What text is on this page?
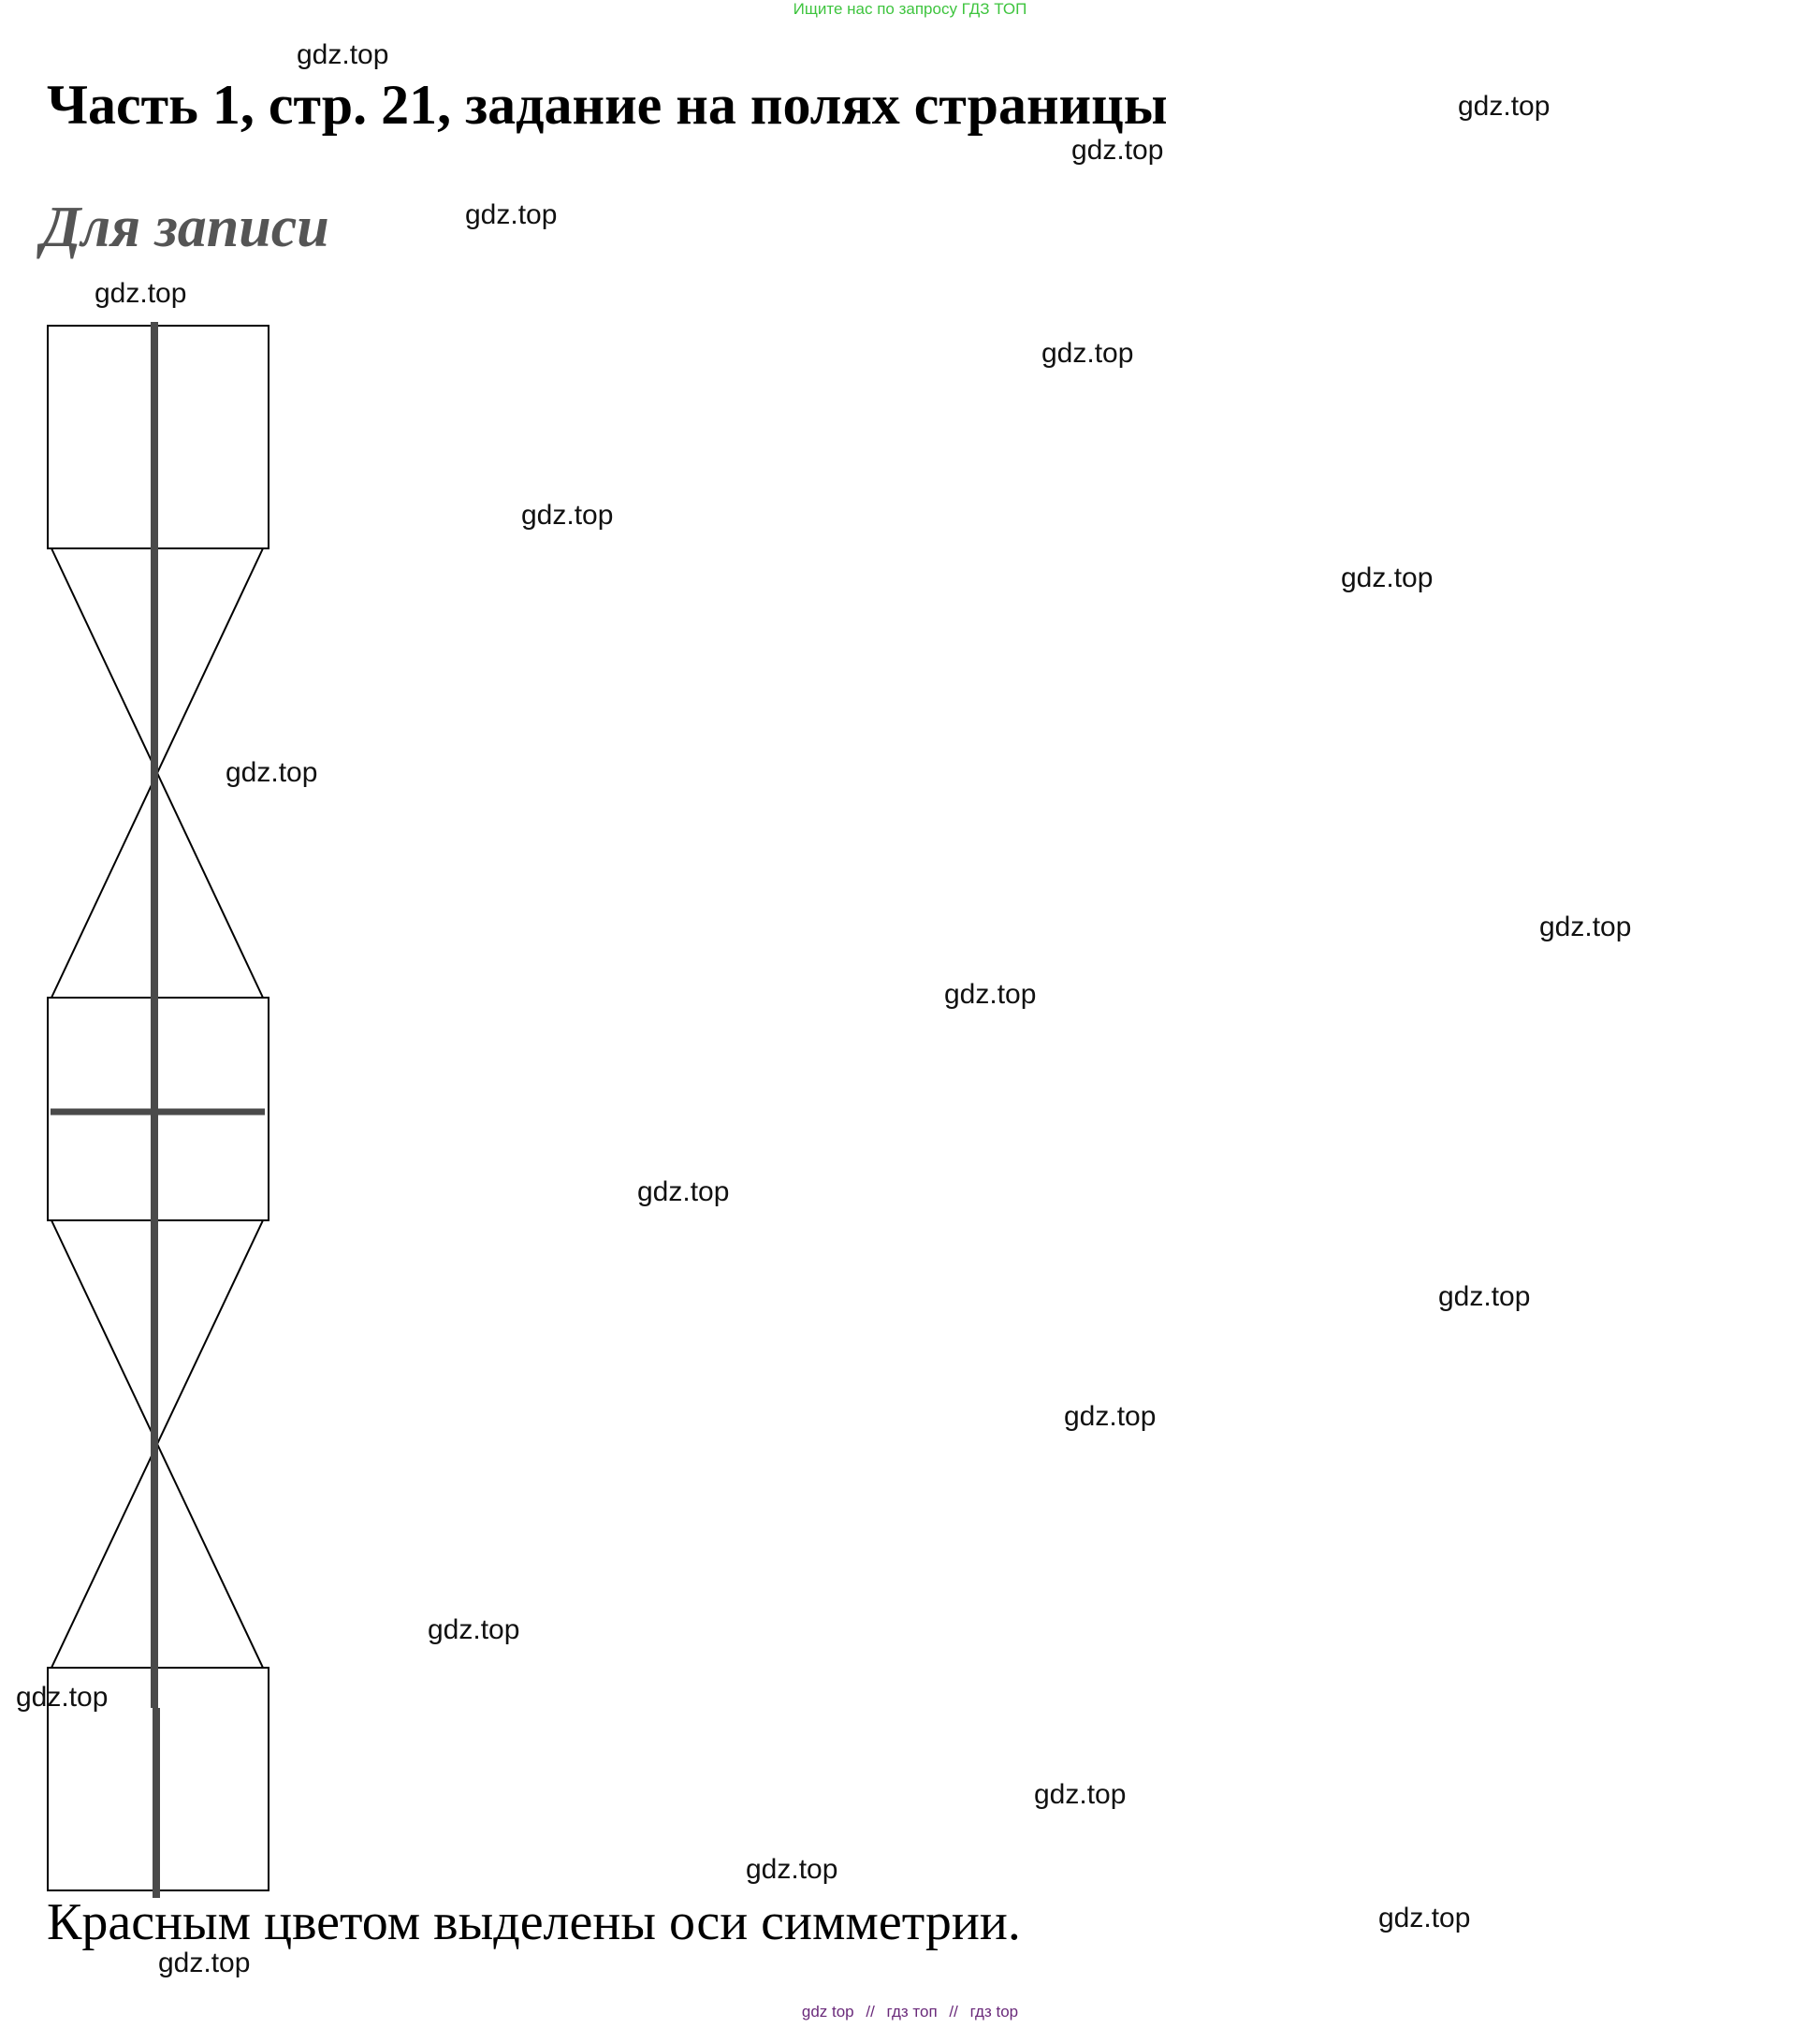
Ищите нас по запросу ГДЗ ТОП
Часть 1, стр. 21, задание на полях страницы
Для записи

Красным цветом выделены оси симметрии.

gdz.top
gdz.top
gdz.top
gdz.top
gdz.top
gdz.top
gdz.top
gdz.top
gdz.top
gdz.top
gdz.top
gdz.top
gdz.top
gdz.top
gdz.top
gdz.top
gdz.top
gdz.top
gdz.top
gdz.top
gdz top // гдз топ // гдз top
